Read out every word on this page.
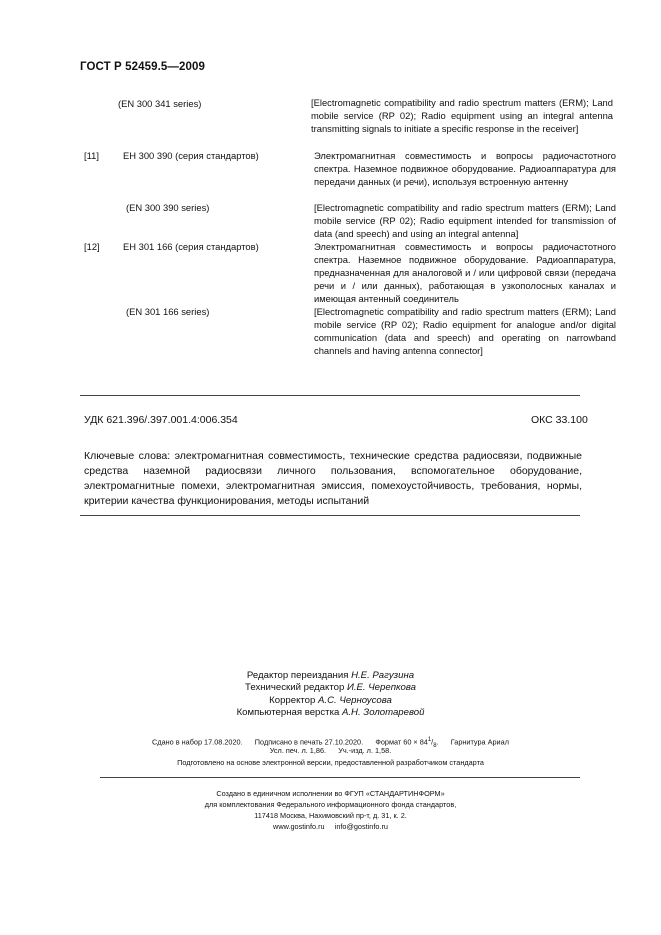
ГОСТ Р 52459.5—2009
(EN 300 341 series)	[Electromagnetic compatibility and radio spectrum matters (ERM); Land mobile service (RP 02); Radio equipment using an integral antenna transmitting signals to initiate a specific response in the receiver]
[11]	ЕН 300 390 (серия стандартов)	Электромагнитная совместимость и вопросы радиочастотного спектра. Наземное подвижное оборудование. Радиоаппаратура для передачи данных (и речи), используя встроенную антенну
(EN 300 390 series)	[Electromagnetic compatibility and radio spectrum matters (ERM); Land mobile service (RP 02); Radio equipment intended for transmission of data (and speech) and using an integral antenna]
[12] ЕН 301 166 (серия стандартов)	Электромагнитная совместимость и вопросы радиочастотного спектра. Наземное подвижное оборудование. Радиоаппаратура, предназначенная для аналоговой и / или цифровой связи (передача речи и / или данных), работающая в узкополосных каналах и имеющая антенный соединитель
(EN 301 166 series)	[Electromagnetic compatibility and radio spectrum matters (ERM); Land mobile service (RP 02); Radio equipment for analogue and/or digital communication (data and speech) and operating on narrowband channels and having antenna connector]
УДК 621.396/.397.001.4:006.354	ОКС 33.100
Ключевые слова: электромагнитная совместимость, технические средства радиосвязи, подвижные средства наземной радиосвязи личного пользования, вспомогательное оборудование, электромагнитные помехи, электромагнитная эмиссия, помехоустойчивость, требования, нормы, критерии качества функционирования, методы испытаний
Редактор переиздания Н.Е. Рагузина
Технический редактор И.Е. Черепкова
Корректор А.С. Черноусова
Компьютерная верстка А.Н. Золотаревой
Сдано в набор 17.08.2020. Подписано в печать 27.10.2020. Формат $60 \times 84^1/_8$.      Гарнитура Ариал
Усл. печ. л. 1,86. Уч.-изд. л. 1,58.
Подготовлено на основе электронной версии, предоставленной разработчиком стандарта
Создано в единичном исполнении во ФГУП «СТАНДАРТИНФОРМ»
для комплектования Федерального информационного фонда стандартов,
117418 Москва, Нахимовский пр-т, д. 31, к. 2.
www.gostinfo.ru info@gostinfo.ru
